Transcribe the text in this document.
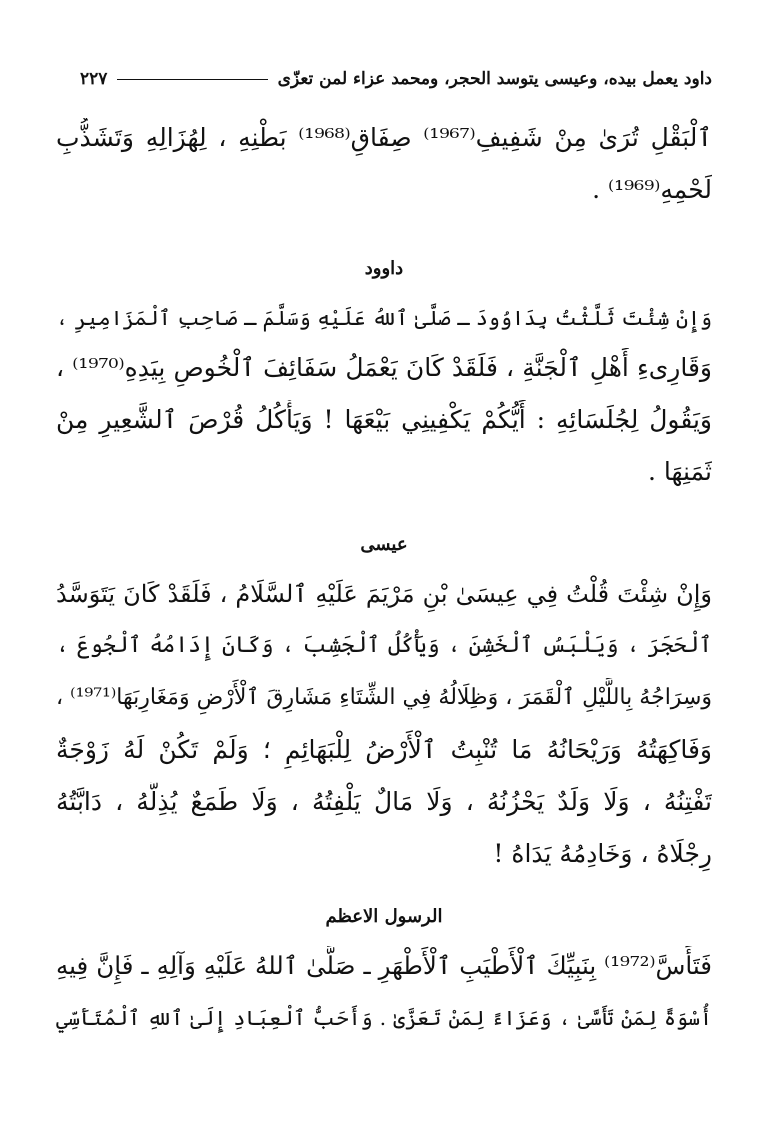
داود يعمل بيده، وعيسى يتوسد الحجر، ومحمد عزاء لمن تعزّى
٢٢٧
ٱلْبَقْلِ تُرَىٰ مِنْ شَفِيفِ⁽¹⁹⁶⁷⁾ صِفَاقِ⁽¹⁹⁶⁸⁾ بَطْنِهِ ، لِهُزَالِهِ وَتَشَذُّبِ
لَحْمِهِ⁽¹⁹⁶⁹⁾ .
داوود
وَإِنْ شِئْتَ ثَلَّثْتُ بِدَاوُودَ ـ صَلَّىٰ ٱللهُ عَلَيْهِ وَسَلَّمَ ـ صَاحِبِ ٱلْمَزَامِيرِ ،
وَقَارِىءِ أَهْلِ ٱلْجَنَّةِ ، فَلَقَدْ كَانَ يَعْمَلُ سَفَائِفَ ٱلْخُوصِ بِيَدِهِ⁽¹⁹⁷⁰⁾ ،
وَيَقُولُ لِجُلَسَائِهِ : أَيُّكُمْ يَكْفِينِي بَيْعَهَا ! وَيَأْكُلُ قُرْصَ ٱلشَّعِيرِ مِنْ
ثَمَنِهَا .
عيسى
وَإِنْ شِئْتَ قُلْتُ فِي عِيسَىٰ بْنِ مَرْيَمَ عَلَيْهِ ٱلسَّلَامُ ، فَلَقَدْ كَانَ يَتَوَسَّدُ
ٱلْحَجَرَ ، وَيَلْبَسُ ٱلْخَشِنَ ، وَيَأْكُلُ ٱلْجَشِبَ ، وَكَانَ إِدَامُهُ ٱلْجُوعَ ،
وَسِرَاجُهُ بِاللَّيْلِ ٱلْقَمَرَ ، وَظِلَالُهُ فِي الشِّتَاءِ مَشَارِقَ ٱلْأَرْضِ وَمَغَارِبَهَا⁽¹⁹⁷¹⁾ ،
وَفَاكِهَتُهُ وَرَيْحَانُهُ مَا تُنْبِتُ ٱلْأَرْضُ لِلْبَهَائِمِ ؛ وَلَمْ تَكُنْ لَهُ زَوْجَةٌ
تَفْتِنُهُ ، وَلَا وَلَدٌ يَحْزُنُهُ ، وَلَا مَالٌ يَلْفِتُهُ ، وَلَا طَمَعٌ يُذِلُّهُ ، دَابَّتُهُ
رِجْلَاهُ ، وَخَادِمُهُ يَدَاهُ !
الرسول الاعظم
فَتَأَسَّ⁽¹⁹⁷²⁾ بِنَبِيِّكَ ٱلْأَطْيَبِ ٱلْأَطْهَرِ ـ صَلَّىٰ ٱللهُ عَلَيْهِ وَآلِهِ ـ فَإِنَّ فِيهِ
أُسْوَةً لِمَنْ تَأَسَّىٰ ، وَعَزَاءً لِمَنْ تَعَزَّىٰ . وَأَحَبُّ ٱلْعِبَادِ إِلَىٰ ٱللهِ ٱلْمُتَأَسِّي
